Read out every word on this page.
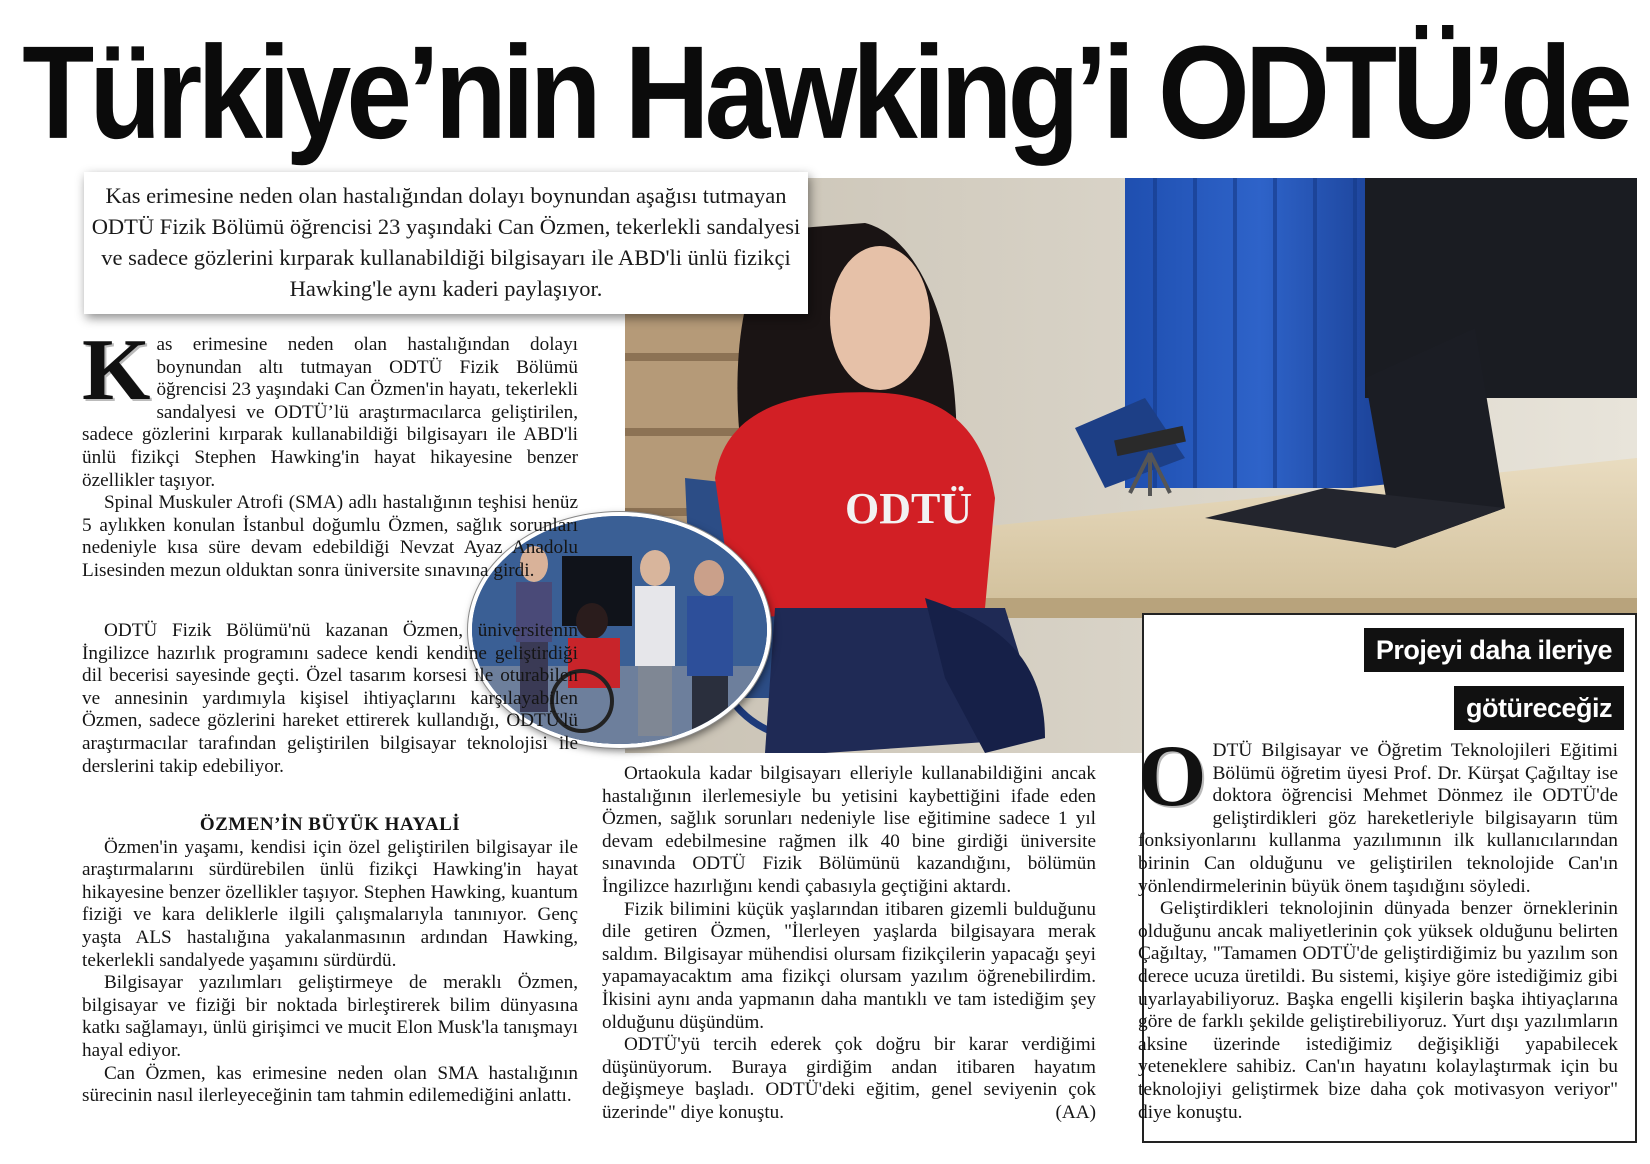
Türkiye’nin Hawking’i ODTÜ’de
ODTÜ
Kas erimesine neden olan hastalığından dolayı boynundan aşağısı tutmayan ODTÜ Fizik Bölümü öğrencisi 23 yaşındaki Can Özmen, tekerlekli sandalyesi ve sadece gözlerini kırparak kullanabildiği bilgisayarı ile ABD'li ünlü fizikçi Hawking'le aynı kaderi paylaşıyor.

Kas erimesine neden olan hastalığından dolayı boynundan altı tutmayan ODTÜ Fizik Bölümü öğrencisi 23 yaşındaki Can Özmen'in hayatı, tekerlekli sandalyesi ve ODTÜ’lü araştırmacılarca geliştirilen, sadece gözlerini kırparak kullanabildiği bilgisayarı ile ABD'li ünlü fizikçi Stephen Hawking'in hayat hikayesine benzer özellikler taşıyor.

Spinal Muskuler Atrofi (SMA) adlı hastalığının teşhisi henüz 5 aylıkken konulan İstanbul doğumlu Özmen, sağlık sorunları nedeniyle kısa süre devam edebildiği Nevzat Ayaz Anadolu Lisesinden mezun olduktan sonra üniversite sınavına girdi.

ODTÜ Fizik Bölümü'nü kazanan Özmen, üniversitenin İngilizce hazırlık programını sadece kendi kendine geliştirdiği dil becerisi sayesinde geçti. Özel tasarım korsesi ile oturabilen ve annesinin yardımıyla kişisel ihtiyaçlarını karşılayabilen Özmen, sadece gözlerini hareket ettirerek kullandığı, ODTÜ'lü araştırmacılar tarafından geliştirilen bilgisayar teknolojisi ile derslerini takip edebiliyor.

ÖZMEN’İN BÜYÜK HAYALİ

Özmen'in yaşamı, kendisi için özel geliştirilen bilgisayar ile araştırmalarını sürdürebilen ünlü fizikçi Hawking'in hayat hikayesine benzer özellikler taşıyor. Stephen Hawking, kuantum fiziği ve kara deliklerle ilgili çalışmalarıyla tanınıyor. Genç yaşta ALS hastalığına yakalanmasının ardından Hawking, tekerlekli sandalyede yaşamını sürdürdü.

Bilgisayar yazılımları geliştirmeye de meraklı Özmen, bilgisayar ve fiziği bir noktada birleştirerek bilim dünyasına katkı sağlamayı, ünlü girişimci ve mucit Elon Musk'la tanışmayı hayal ediyor.

Can Özmen, kas erimesine neden olan SMA hastalığının sürecinin nasıl ilerleyeceğinin tam tahmin edilemediğini anlattı.

Ortaokula kadar bilgisayarı elleriyle kullanabildiğini ancak hastalığının ilerlemesiyle bu yetisini kaybettiğini ifade eden Özmen, sağlık sorunları nedeniyle lise eğitimine sadece 1 yıl devam edebilmesine rağmen ilk 40 bine girdiği üniversite sınavında ODTÜ Fizik Bölümünü kazandığını, bölümün İngilizce hazırlığını kendi çabasıyla geçtiğini aktardı.

Fizik bilimini küçük yaşlarından itibaren gizemli bulduğunu dile getiren Özmen, "İlerleyen yaşlarda bilgisayara merak saldım. Bilgisayar mühendisi olursam fizikçilerin yapacağı şeyi yapamayacaktım ama fizikçi olursam yazılım öğrenebilirdim. İkisini aynı anda yapmanın daha mantıklı ve tam istediğim şey olduğunu düşündüm.

ODTÜ'yü tercih ederek çok doğru bir karar verdiğimi düşünüyorum. Buraya girdiğim andan itibaren hayatım değişmeye başladı. ODTÜ'deki eğitim, genel seviyenin çok üzerinde" diye konuştu.	(AA)

Projeyi daha ileriye
götüreceğiz

ODTÜ Bilgisayar ve Öğretim Teknolojileri Eğitimi Bölümü öğretim üyesi Prof. Dr. Kürşat Çağıltay ise doktora öğrencisi Mehmet Dönmez ile ODTÜ'de geliştirdikleri göz hareketleriyle bilgisayarın tüm fonksiyonlarını kullanma yazılımının ilk kullanıcılarından birinin Can olduğunu ve geliştirilen teknolojide Can'ın yönlendirmelerinin büyük önem taşıdığını söyledi.

Geliştirdikleri teknolojinin dünyada benzer örneklerinin olduğunu ancak maliyetlerinin çok yüksek olduğunu belirten Çağıltay, "Tamamen ODTÜ'de geliştirdiğimiz bu yazılım son derece ucuza üretildi. Bu sistemi, kişiye göre istediğimiz gibi uyarlayabiliyoruz. Başka engelli kişilerin başka ihtiyaçlarına göre de farklı şekilde geliştirebiliyoruz. Yurt dışı yazılımların aksine üzerinde istediğimiz değişikliği yapabilecek yeteneklere sahibiz. Can'ın hayatını kolaylaştırmak için bu teknolojiyi geliştirmek bize daha çok motivasyon veriyor" diye konuştu.
